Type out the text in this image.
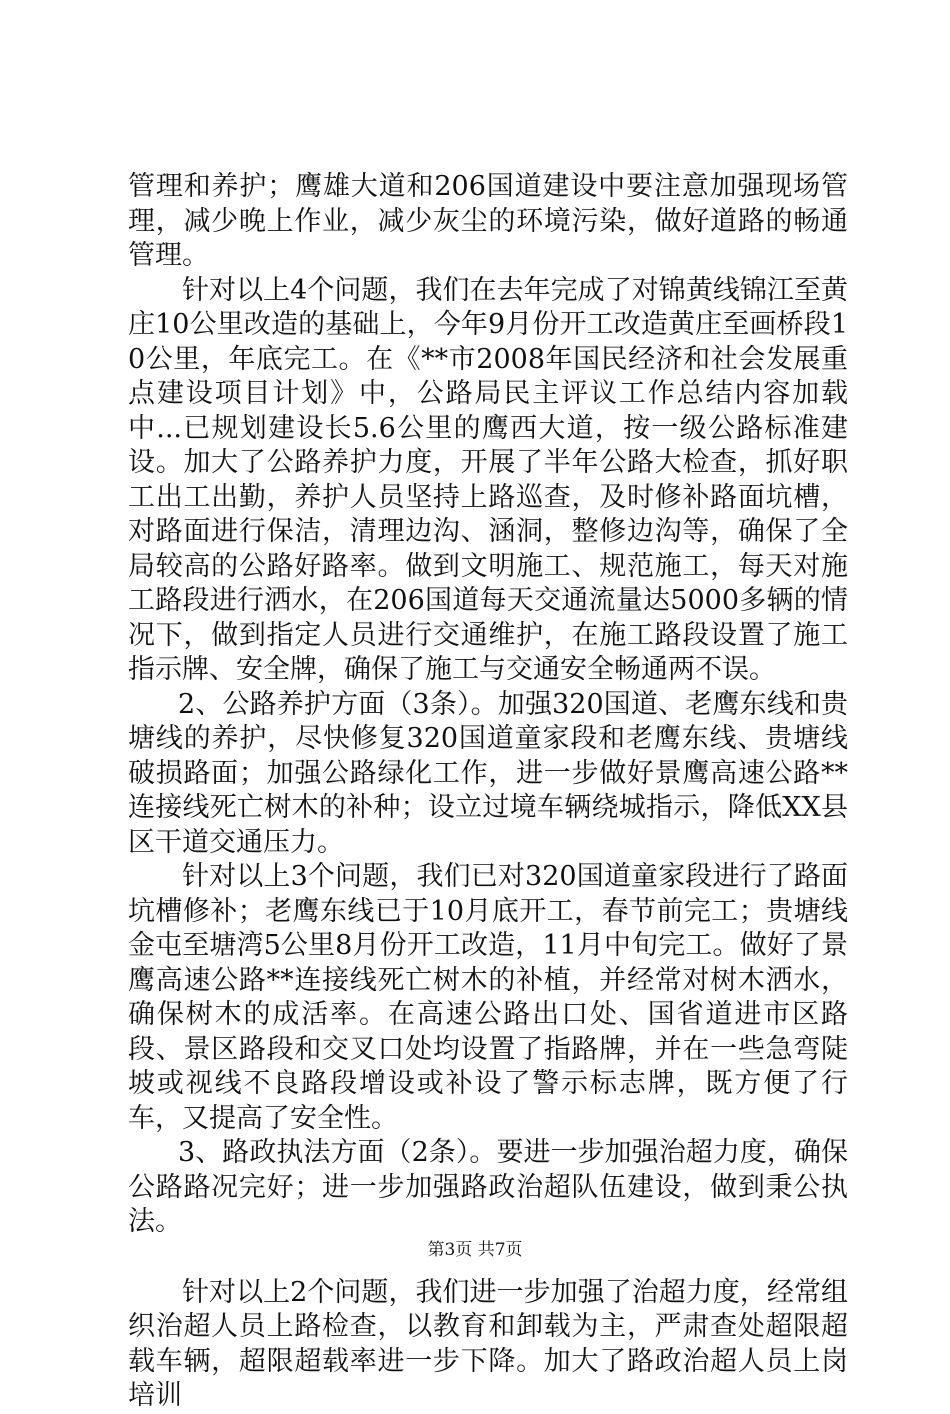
管理和养护；鹰雄大道和206国道建设中要注意加强现场管理，减少晚上作业，减少灰尘的环境污染，做好道路的畅通管理。

针对以上4个问题，我们在去年完成了对锦黄线锦江至黄庄10公里改造的基础上，今年9月份开工改造黄庄至画桥段10公里，年底完工。在《**市2008年国民经济和社会发展重点建设项目计划》中，公路局民主评议工作总结内容加载中...已规划建设长5.6公里的鹰西大道，按一级公路标准建设。加大了公路养护力度，开展了半年公路大检查，抓好职工出工出勤，养护人员坚持上路巡查，及时修补路面坑槽，对路面进行保洁，清理边沟、涵洞，整修边沟等，确保了全局较高的公路好路率。做到文明施工、规范施工，每天对施工路段进行洒水，在206国道每天交通流量达5000多辆的情况下，做到指定人员进行交通维护，在施工路段设置了施工指示牌、安全牌，确保了施工与交通安全畅通两不误。

2、公路养护方面（3条）。加强320国道、老鹰东线和贵塘线的养护，尽快修复320国道童家段和老鹰东线、贵塘线破损路面；加强公路绿化工作，进一步做好景鹰高速公路**连接线死亡树木的补种；设立过境车辆绕城指示，降低XX县区干道交通压力。

针对以上3个问题，我们已对320国道童家段进行了路面坑槽修补；老鹰东线已于10月底开工，春节前完工；贵塘线金屯至塘湾5公里8月份开工改造，11月中旬完工。做好了景鹰高速公路**连接线死亡树木的补植，并经常对树木洒水，确保树木的成活率。在高速公路出口处、国省道进市区路段、景区路段和交叉口处均设置了指路牌，并在一些急弯陡坡或视线不良路段增设或补设了警示标志牌，既方便了行车，又提高了安全性。

3、路政执法方面（2条）。要进一步加强治超力度，确保公路路况完好；进一步加强路政治超队伍建设，做到秉公执法。

针对以上2个问题，我们进一步加强了治超力度，经常组织治超人员上路检查，以教育和卸载为主，严肃查处超限超载车辆，超限超载率进一步下降。加大了路政治超人员上岗培训

第3页 共7页
